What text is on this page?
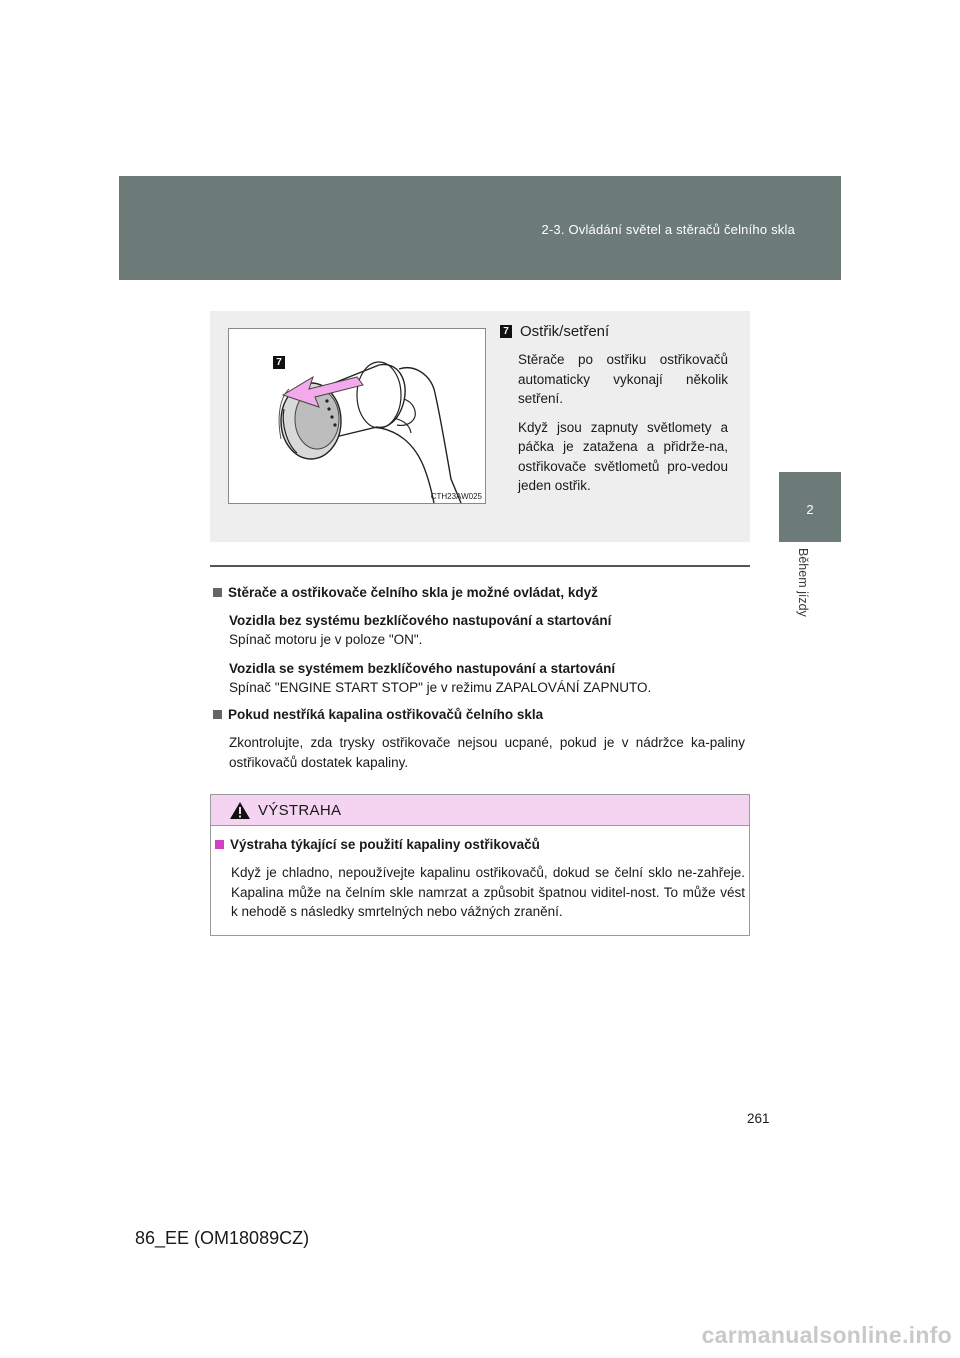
2-3. Ovládání světel a stěračů čelního skla
2
Během jízdy
7
CTH23AW025
7 Ostřik/setření

Stěrače po ostřiku ostřikovačů automaticky vykonají několik setření.

Když jsou zapnuty světlomety a páčka je zatažena a přidrže-na, ostřikovače světlometů pro-vedou jeden ostřik.

Stěrače a ostřikovače čelního skla je možné ovládat, když

Vozidla bez systému bezklíčového nastupování a startování

Spínač motoru je v poloze "ON".

Vozidla se systémem bezklíčového nastupování a startování

Spínač "ENGINE START STOP" je v režimu ZAPALOVÁNÍ ZAPNUTO.

Pokud nestříká kapalina ostřikovačů čelního skla

Zkontrolujte, zda trysky ostřikovače nejsou ucpané, pokud je v nádržce ka-paliny ostřikovačů dostatek kapaliny.

VÝSTRAHA

Výstraha týkající se použití kapaliny ostřikovačů

Když je chladno, nepoužívejte kapalinu ostřikovačů, dokud se čelní sklo ne-zahřeje. Kapalina může na čelním skle namrzat a způsobit špatnou viditel-nost. To může vést k nehodě s následky smrtelných nebo vážných zranění.

261
86_EE (OM18089CZ)
carmanualsonline.info
